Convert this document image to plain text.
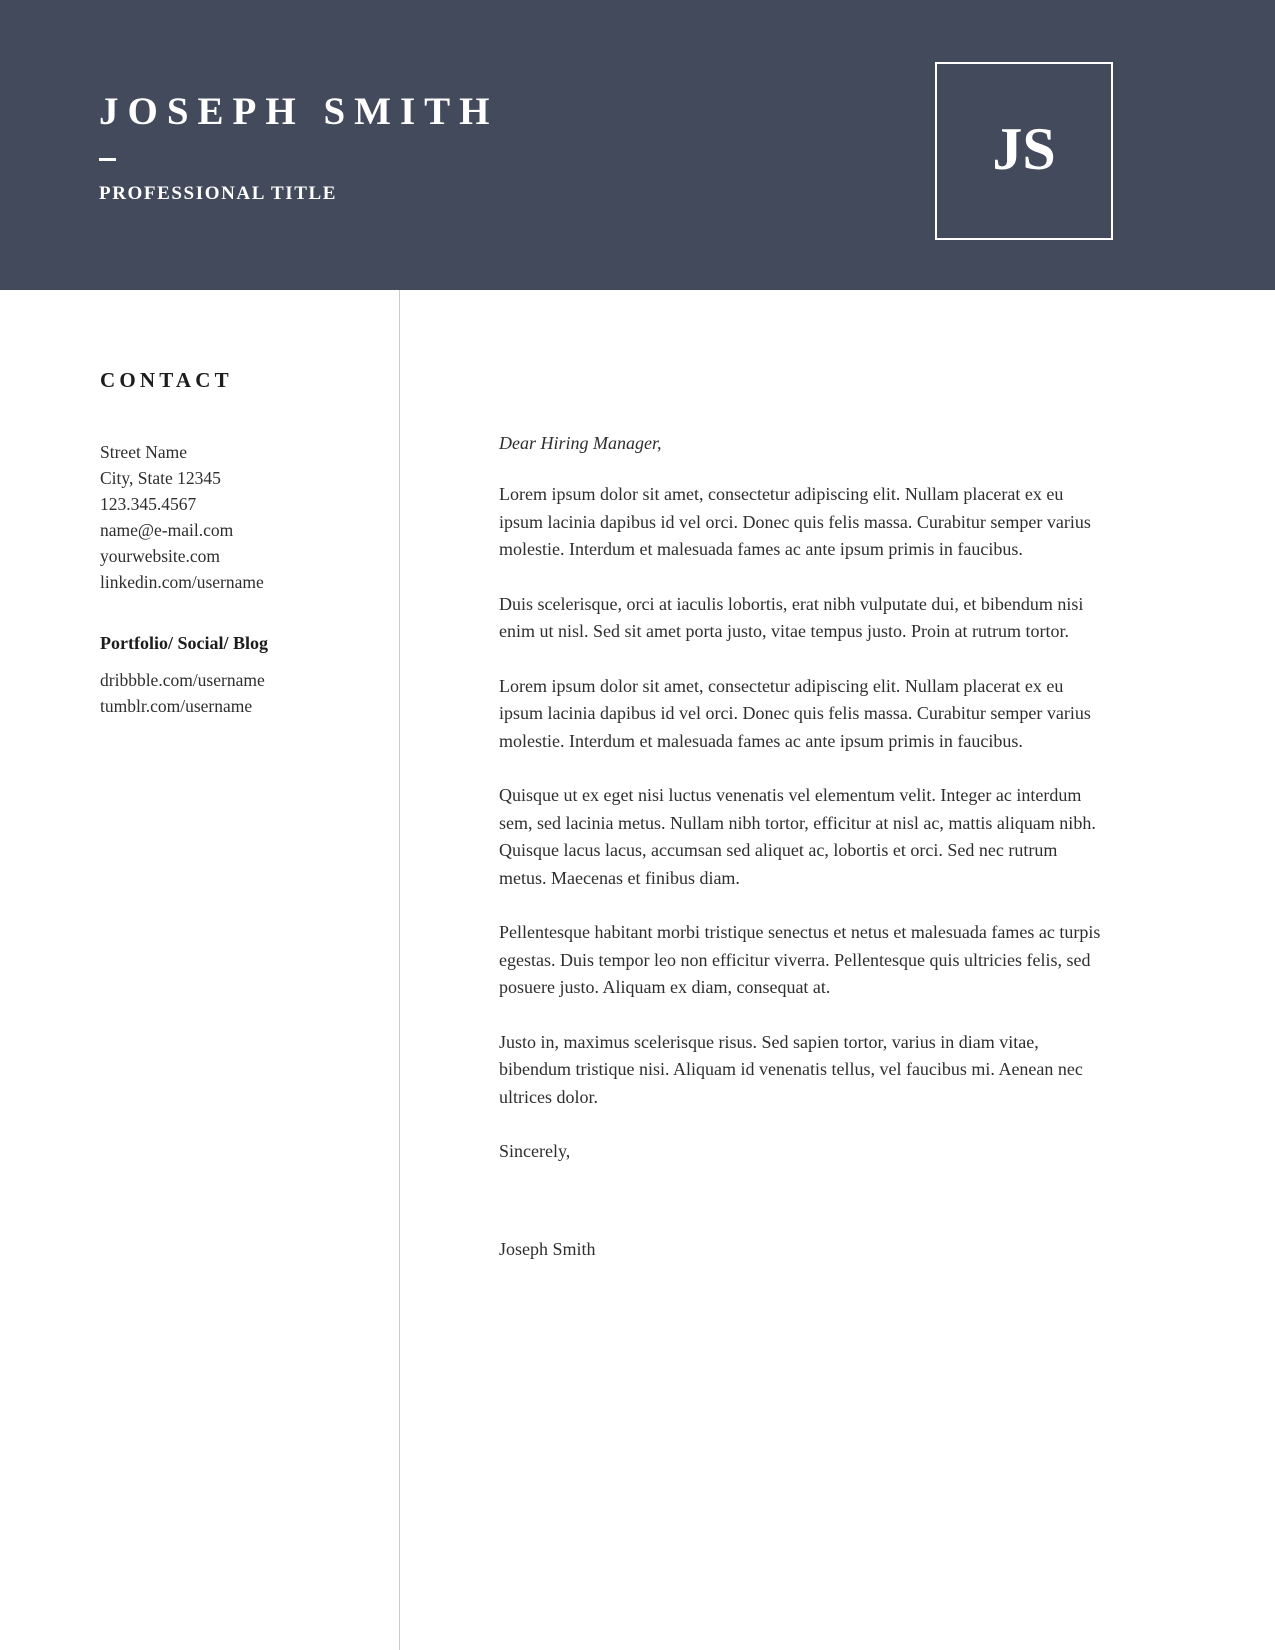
JOSEPH SMITH
PROFESSIONAL TITLE
JS
CONTACT
Street Name
City, State 12345
123.345.4567
name@e-mail.com
yourwebsite.com
linkedin.com/username
Portfolio/ Social/ Blog
dribbble.com/username
tumblr.com/username

Dear Hiring Manager,

Lorem ipsum dolor sit amet, consectetur adipiscing elit. Nullam placerat ex eu ipsum lacinia dapibus id vel orci. Donec quis felis massa. Curabitur semper varius molestie. Interdum et malesuada fames ac ante ipsum primis in faucibus.

Duis scelerisque, orci at iaculis lobortis, erat nibh vulputate dui, et bibendum nisi enim ut nisl. Sed sit amet porta justo, vitae tempus justo. Proin at rutrum tortor.

Lorem ipsum dolor sit amet, consectetur adipiscing elit. Nullam placerat ex eu ipsum lacinia dapibus id vel orci. Donec quis felis massa. Curabitur semper varius molestie. Interdum et malesuada fames ac ante ipsum primis in faucibus.

Quisque ut ex eget nisi luctus venenatis vel elementum velit. Integer ac interdum sem, sed lacinia metus. Nullam nibh tortor, efficitur at nisl ac, mattis aliquam nibh. Quisque lacus lacus, accumsan sed aliquet ac, lobortis et orci. Sed nec rutrum metus. Maecenas et finibus diam.

Pellentesque habitant morbi tristique senectus et netus et malesuada fames ac turpis egestas. Duis tempor leo non efficitur viverra. Pellentesque quis ultricies felis, sed posuere justo. Aliquam ex diam, consequat at.

Justo in, maximus scelerisque risus. Sed sapien tortor, varius in diam vitae, bibendum tristique nisi. Aliquam id venenatis tellus, vel faucibus mi. Aenean nec ultrices dolor.

Sincerely,

Joseph Smith
